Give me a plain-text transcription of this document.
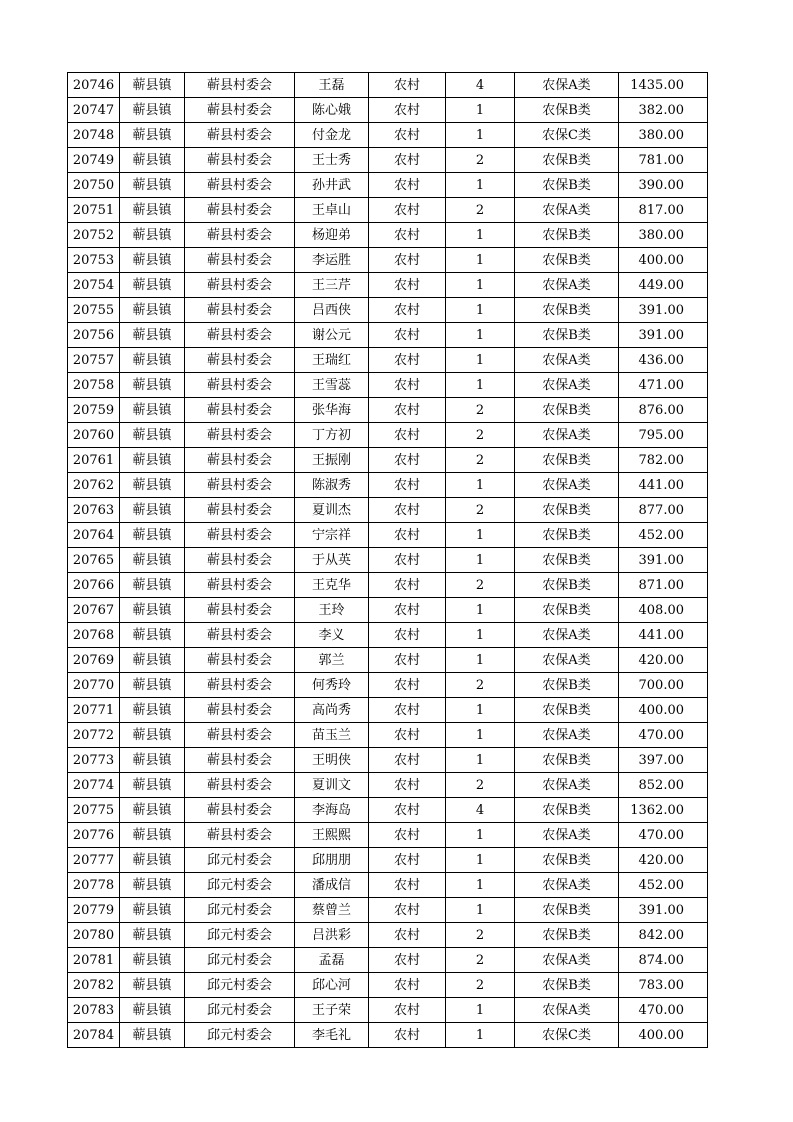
20746	蕲县镇	蕲县村委会	王磊	农村	4	农保A类	1435.00
20747	蕲县镇	蕲县村委会	陈心娥	农村	1	农保B类	382.00
20748	蕲县镇	蕲县村委会	付金龙	农村	1	农保C类	380.00
20749	蕲县镇	蕲县村委会	王士秀	农村	2	农保B类	781.00
20750	蕲县镇	蕲县村委会	孙井武	农村	1	农保B类	390.00
20751	蕲县镇	蕲县村委会	王卓山	农村	2	农保A类	817.00
20752	蕲县镇	蕲县村委会	杨迎弟	农村	1	农保B类	380.00
20753	蕲县镇	蕲县村委会	李运胜	农村	1	农保B类	400.00
20754	蕲县镇	蕲县村委会	王三芹	农村	1	农保A类	449.00
20755	蕲县镇	蕲县村委会	吕西侠	农村	1	农保B类	391.00
20756	蕲县镇	蕲县村委会	谢公元	农村	1	农保B类	391.00
20757	蕲县镇	蕲县村委会	王瑞红	农村	1	农保A类	436.00
20758	蕲县镇	蕲县村委会	王雪蕊	农村	1	农保A类	471.00
20759	蕲县镇	蕲县村委会	张华海	农村	2	农保B类	876.00
20760	蕲县镇	蕲县村委会	丁方初	农村	2	农保A类	795.00
20761	蕲县镇	蕲县村委会	王振刚	农村	2	农保B类	782.00
20762	蕲县镇	蕲县村委会	陈淑秀	农村	1	农保A类	441.00
20763	蕲县镇	蕲县村委会	夏训杰	农村	2	农保B类	877.00
20764	蕲县镇	蕲县村委会	宁宗祥	农村	1	农保B类	452.00
20765	蕲县镇	蕲县村委会	于从英	农村	1	农保B类	391.00
20766	蕲县镇	蕲县村委会	王克华	农村	2	农保B类	871.00
20767	蕲县镇	蕲县村委会	王玲	农村	1	农保B类	408.00
20768	蕲县镇	蕲县村委会	李义	农村	1	农保A类	441.00
20769	蕲县镇	蕲县村委会	郭兰	农村	1	农保A类	420.00
20770	蕲县镇	蕲县村委会	何秀玲	农村	2	农保B类	700.00
20771	蕲县镇	蕲县村委会	高尚秀	农村	1	农保B类	400.00
20772	蕲县镇	蕲县村委会	苗玉兰	农村	1	农保A类	470.00
20773	蕲县镇	蕲县村委会	王明侠	农村	1	农保B类	397.00
20774	蕲县镇	蕲县村委会	夏训文	农村	2	农保A类	852.00
20775	蕲县镇	蕲县村委会	李海岛	农村	4	农保B类	1362.00
20776	蕲县镇	蕲县村委会	王熙熙	农村	1	农保A类	470.00
20777	蕲县镇	邱元村委会	邱朋朋	农村	1	农保B类	420.00
20778	蕲县镇	邱元村委会	潘成信	农村	1	农保A类	452.00
20779	蕲县镇	邱元村委会	蔡曾兰	农村	1	农保B类	391.00
20780	蕲县镇	邱元村委会	吕洪彩	农村	2	农保B类	842.00
20781	蕲县镇	邱元村委会	孟磊	农村	2	农保A类	874.00
20782	蕲县镇	邱元村委会	邱心河	农村	2	农保B类	783.00
20783	蕲县镇	邱元村委会	王子荣	农村	1	农保A类	470.00
20784	蕲县镇	邱元村委会	李毛礼	农村	1	农保C类	400.00
